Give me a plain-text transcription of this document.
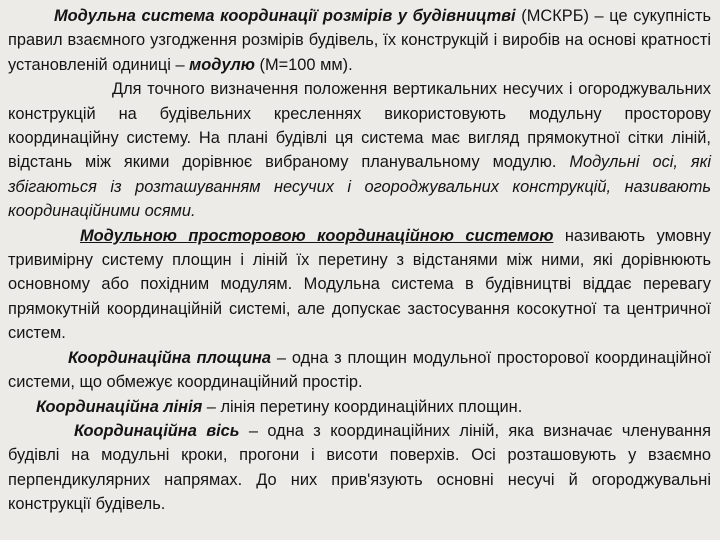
Модульна система координації розмірів у будівництві (МСКРБ) – це сукупність правил взаємного узгодження розмірів будівель, їх конструкцій і виробів на основі кратності установленій одиниці – модулю (М=100 мм).

Для точного визначення положення вертикальних несучих і огороджувальних конструкцій на будівельних кресленнях використовують модульну просторову координаційну систему. На плані будівлі ця система має вигляд прямокутної сітки ліній, відстань між якими дорівнює вибраному планувальному модулю. Модульні осі, які збігаються із розташуванням несучих і огороджувальних конструкцій, називають координаційними осями.

Модульною просторовою координаційною системою називають умовну тривимірну систему площин і ліній їх перетину з відстанями між ними, які дорівнюють основному або похідним модулям. Модульна система в будівництві віддає перевагу прямокутній координаційній системі, але допускає застосування косокутної та центричної систем.

Координаційна площина – одна з площин модульної просторової координаційної системи, що обмежує координаційний простір.

Координаційна лінія – лінія перетину координаційних площин.

Координаційна вісь – одна з координаційних ліній, яка визначає членування будівлі на модульні кроки, прогони і висоти поверхів. Осі розташовують у взаємно перпендикулярних напрямах. До них прив'язують основні несучі й огороджувальні конструкції будівель.
